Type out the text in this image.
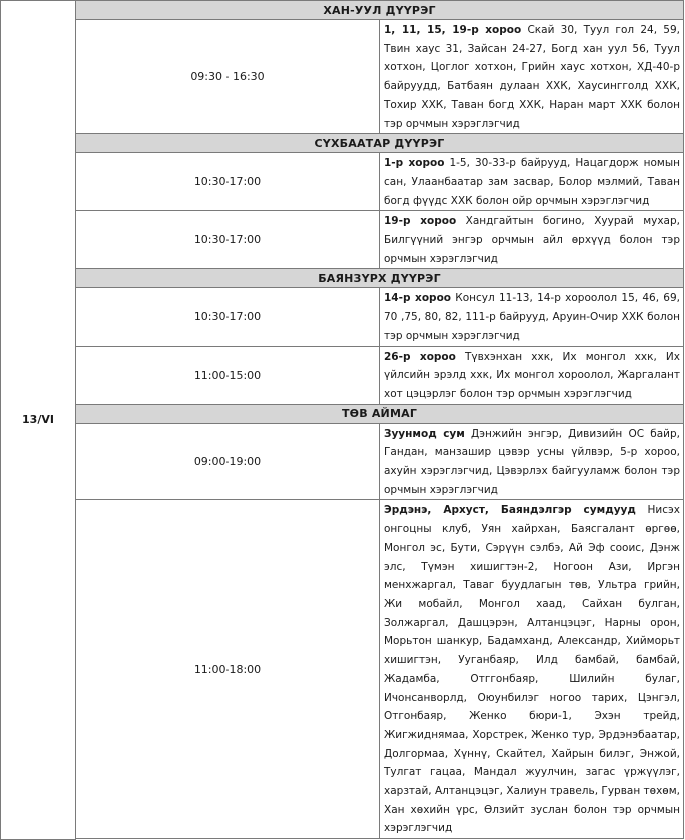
13/VI	ХАН-УУЛ ДҮҮРЭГ	
	09:30 - 16:30	1, 11, 15, 19-р хороо Скай 30, Туул гол 24, 59, Твин хаус 31, Зайсан 24-27, Богд хан уул 56, Туул хотхон, Цоглог хотхон, Грийн хаус хотхон, ХД-40-р байруудд, Батбаян дулаан ХХК, Хаусингголд ХХК, Тохир ХХК, Таван богд ХХК, Наран март ХХК болон тэр орчмын хэрэглэгчид
	СҮХБААТАР ДҮҮРЭГ	
	10:30-17:00	1-р хороо 1-5, 30-33-р байрууд, Нацагдорж номын сан, Улаанбаатар зам засвар, Болор мэлмий, Таван богд фүүдс ХХК болон ойр орчмын хэрэглэгчид
	10:30-17:00	19-р хороо Хандгайтын богино, Хуурай мухар, Билгүүний энгэр орчмын айл өрхүүд болон тэр орчмын хэрэглэгчид
	БАЯНЗҮРХ ДҮҮРЭГ	
	10:30-17:00	14-р хороо Консул 11-13, 14-р хороолол 15, 46, 69, 70 ,75, 80, 82, 111-р байрууд, Аруин-Очир ХХК болон тэр орчмын хэрэглэгчид
	11:00-15:00	26-р хороо Түвхэнхан ххк, Их монгол ххк, Их үйлсийн эрэлд ххк, Их монгол хороолол, Жаргалант хот цэцэрлэг болон тэр орчмын хэрэглэгчид
	ТӨВ АЙМАГ	
	09:00-19:00	Зуунмод сум Дэнжийн энгэр, Дивизийн ОС байр, Гандан, манзашир цэвэр усны үйлвэр, 5-р хороо, ахуйн хэрэглэгчид, Цэвэрлэх байгууламж болон тэр орчмын хэрэглэгчид
	11:00-18:00	Эрдэнэ, Архуст, Баяндэлгэр сумдууд Нисэх онгоцны клуб, Уян хайрхан, Баясгалант өргөө, Монгол эс, Бути, Сэрүүн сэлбэ, Ай Эф сооис, Дэнж элс, Түмэн хишигтэн-2, Ногоон Ази, Иргэн менхжаргал, Таваг буудлагын төв, Ультра грийн, Жи мобайл, Монгол хаад, Сайхан булган, Золжаргал, Дашцэрэн, Алтанцэцэг, Нарны орон, Морьтон шанкур, Бадамханд, Александр, Хийморьт хишигтэн, Ууганбаяр, Илд бамбай, бамбай, Жадамба, Отггонбаяр, Шилийн булаг, Ичонсанворлд, Оюунбилэг ногоо тарих, Цэнгэл, Отгонбаяр, Женко бюри-1, Эхэн трейд, Жигжиднямаа, Хорстрек, Женко тур, Эрдэнэбаатар, Долгормаа, Хүннү, Скайтел, Хайрын билэг, Энжой, Тулгат гацаа, Мандал жуулчин, загас үржүүлэг, харзтай, Алтанцэцэг, Халиун травель, Гурван төхөм, Хан хөхийн үрс, Өлзийт зуслан болон тэр орчмын хэрэглэгчид
